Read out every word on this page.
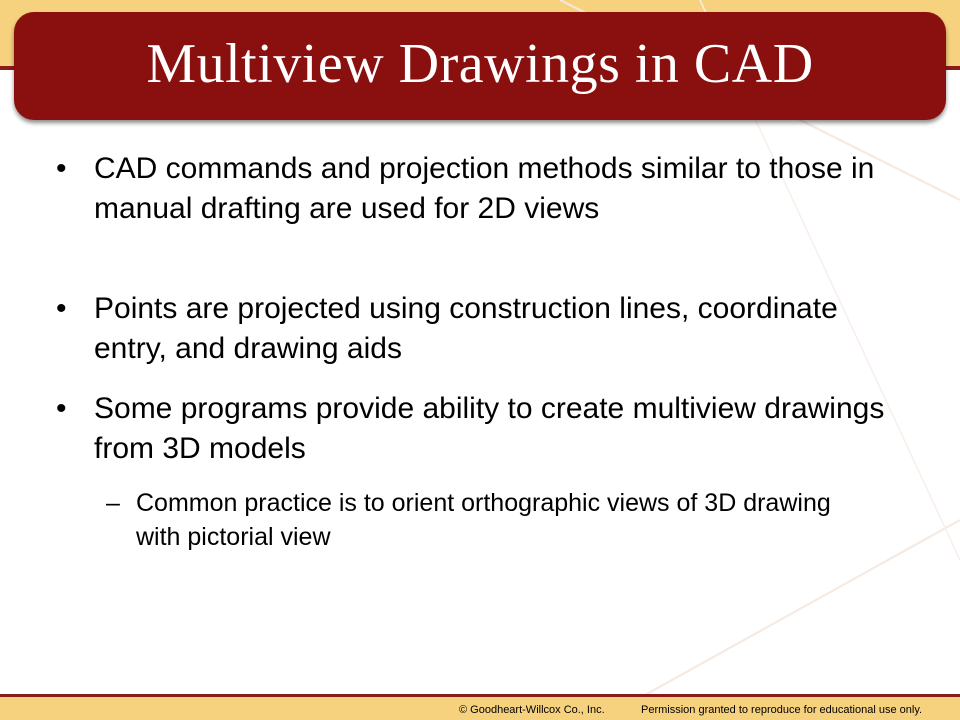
Multiview Drawings in CAD
• CAD commands and projection methods similar to those in manual drafting are used for 2D views
• Points are projected using construction lines, coordinate entry, and drawing aids
• Some programs provide ability to create multiview drawings from 3D models
– Common practice is to orient orthographic views of 3D drawing with pictorial view
© Goodheart-Willcox Co., Inc.	Permission granted to reproduce for educational use only.
